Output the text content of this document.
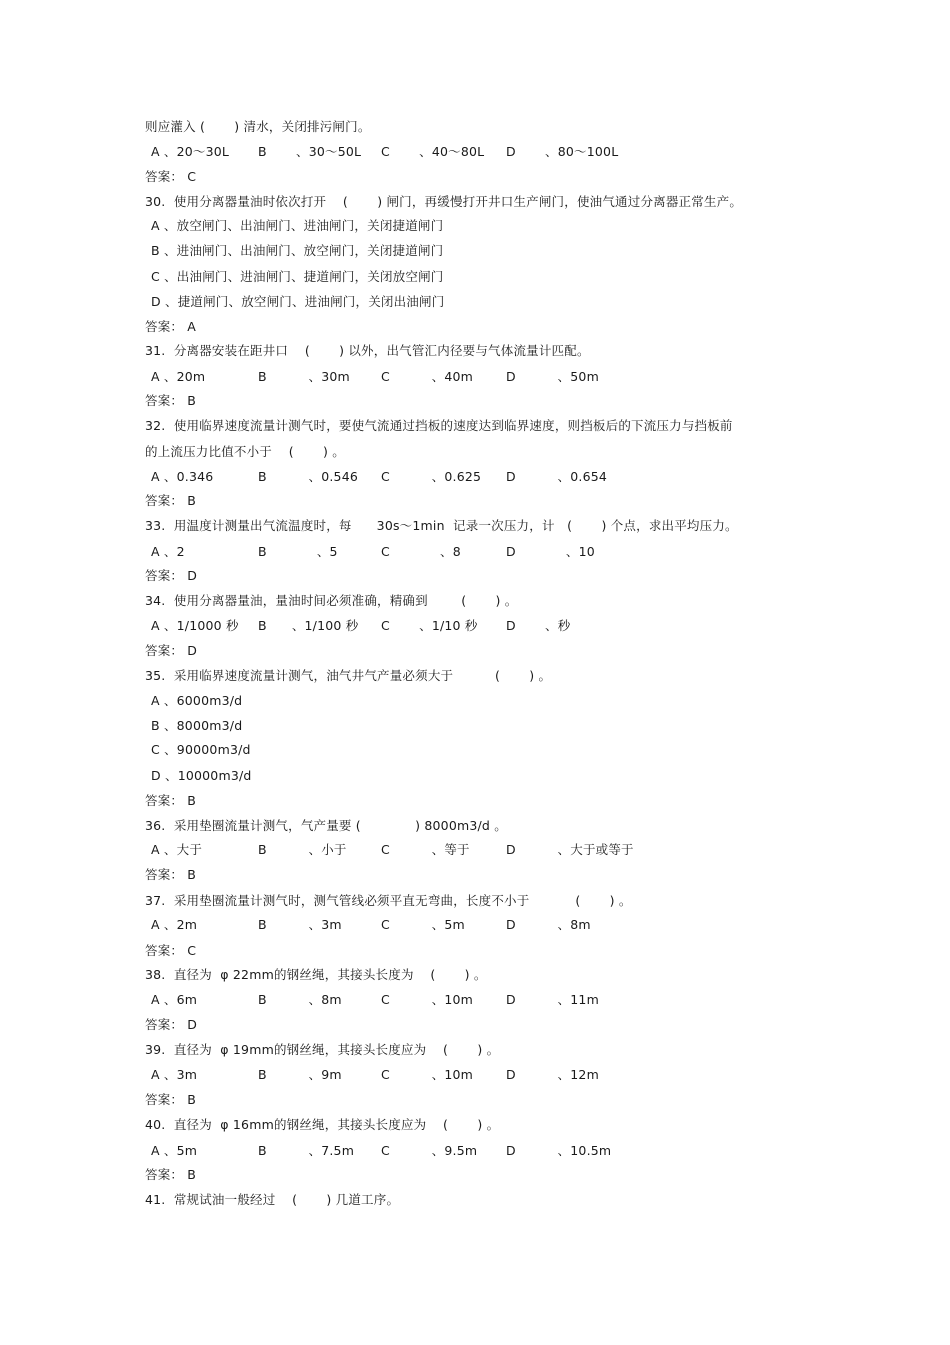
则应灌入 (       ) 清水，关闭排污闸门。

A 、20～30L

B       、30～50L

C       、40～80L

D       、80～100L

答案： C
30.  使用分离器量油时依次打开    (       ) 闸门，再缓慢打开井口生产闸门，使油气通过分离器正常生产。
A 、放空闸门、出油闸门、进油闸门，关闭捷道闸门
B 、进油闸门、出油闸门、放空闸门，关闭捷道闸门
C 、出油闸门、进油闸门、捷道闸门，关闭放空闸门
D 、捷道闸门、放空闸门、进油闸门，关闭出油闸门
答案： A
31.  分离器安装在距井口    (       ) 以外，出气管汇内径要与气体流量计匹配。

A 、20m

	B          、30m

C          、40m

	D          、50m

答案： B
32.  使用临界速度流量计测气时，要使气流通过挡板的速度达到临界速度，则挡板后的下流压力与挡板前
的上流压力比值不小于    (       ) 。

A 、0.346

	B          、0.546

C          、0.625

D          、0.654

答案： B
33.  用温度计测量出气流温度时，每      30s～1min  记录一次压力，计   (       ) 个点，求出平均压力。

A 、2

	B            、5

	C            、8

	D            、10

答案： D
34.  使用分离器量油，量油时间必须准确，精确到        (       ) 。

A 、1/1000 秒

B      、1/100 秒

C       、1/10 秒

D       、秒

答案： D
35.  采用临界速度流量计测气，油气井气产量必须大于          (       ) 。
A 、6000m3/d
B 、8000m3/d
C 、90000m3/d
D 、10000m3/d
答案： B
36.  采用垫圈流量计测气，气产量要 (             ) 8000m3/d 。

A 、大于

	B          、小于

	C          、等于

	D          、大于或等于

答案： B
37.  采用垫圈流量计测气时，测气管线必须平直无弯曲，长度不小于           (       ) 。

A 、2m

	B          、3m

	C          、5m

	D          、8m

答案： C
38.  直径为  φ 22mm的钢丝绳，其接头长度为    (       ) 。

A 、6m

	B          、8m

	C          、10m

	D          、11m

答案： D
39.  直径为  φ 19mm的钢丝绳，其接头长度应为    (       ) 。

A 、3m

	B          、9m

	C          、10m

	D          、12m

答案： B
40.  直径为  φ 16mm的钢丝绳，其接头长度应为    (       ) 。

A 、5m

	B          、7.5m

C          、9.5m

D          、10.5m

答案： B
41.  常规试油一般经过    (       ) 几道工序。
